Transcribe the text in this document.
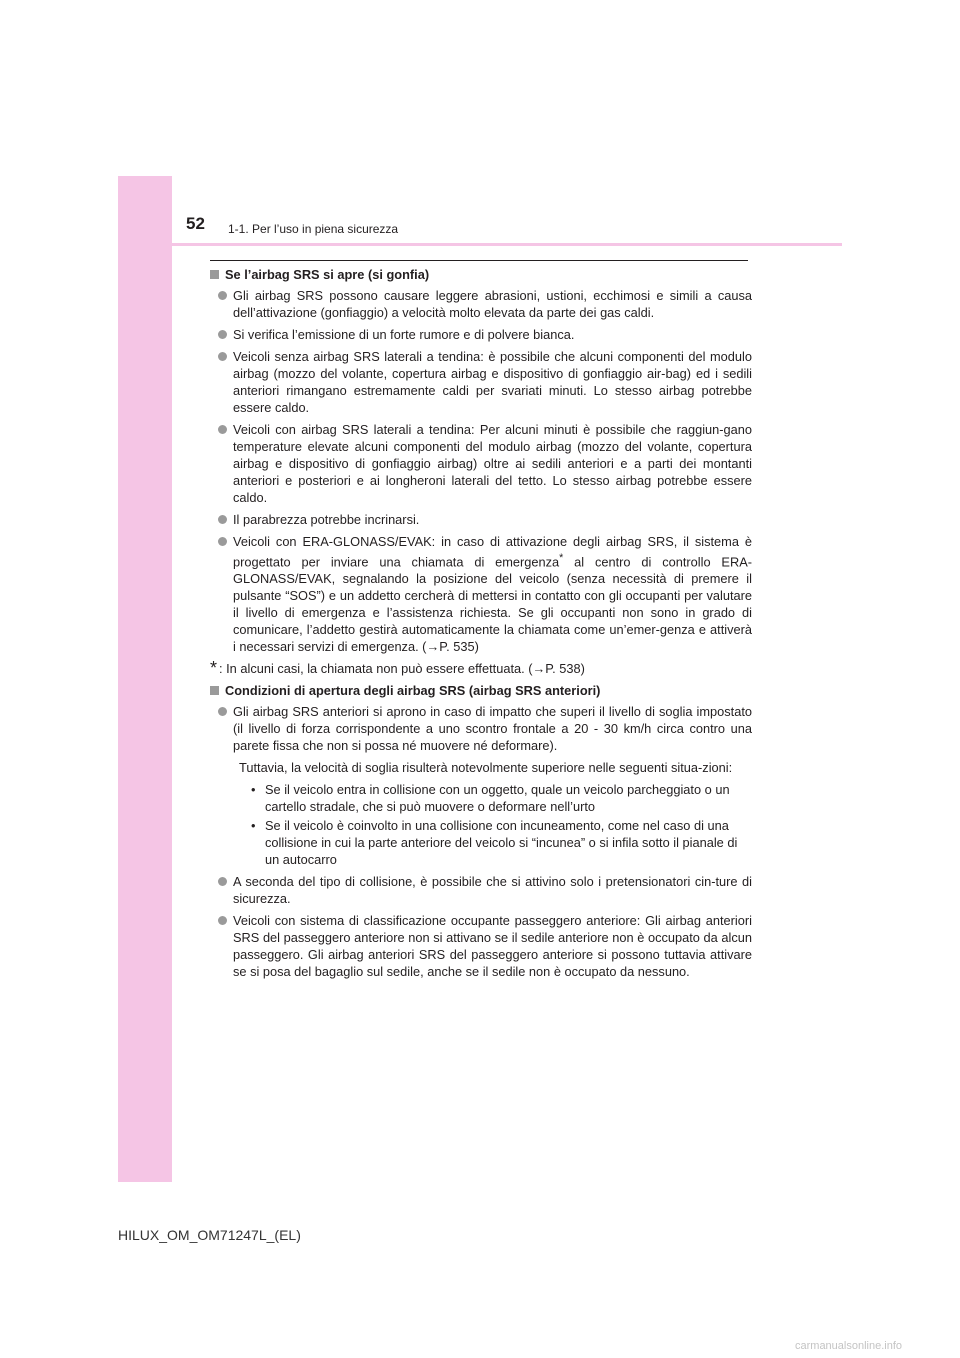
52 1-1. Per l’uso in piena sicurezza
Se l’airbag SRS si apre (si gonfia)
Gli airbag SRS possono causare leggere abrasioni, ustioni, ecchimosi e simili a causa dell’attivazione (gonfiaggio) a velocità molto elevata da parte dei gas caldi.
Si verifica l’emissione di un forte rumore e di polvere bianca.
Veicoli senza airbag SRS laterali a tendina: è possibile che alcuni componenti del modulo airbag (mozzo del volante, copertura airbag e dispositivo di gonfiaggio air-bag) ed i sedili anteriori rimangano estremamente caldi per svariati minuti. Lo stesso airbag potrebbe essere caldo.
Veicoli con airbag SRS laterali a tendina: Per alcuni minuti è possibile che raggiun-gano temperature elevate alcuni componenti del modulo airbag (mozzo del volante, copertura airbag e dispositivo di gonfiaggio airbag) oltre ai sedili anteriori e a parti dei montanti anteriori e posteriori e ai longheroni laterali del tetto. Lo stesso airbag potrebbe essere caldo.
Il parabrezza potrebbe incrinarsi.
Veicoli con ERA-GLONASS/EVAK: in caso di attivazione degli airbag SRS, il sistema è progettato per inviare una chiamata di emergenza* al centro di controllo ERA-GLONASS/EVAK, segnalando la posizione del veicolo (senza necessità di premere il pulsante “SOS”) e un addetto cercherà di mettersi in contatto con gli occupanti per valutare il livello di emergenza e l’assistenza richiesta. Se gli occupanti non sono in grado di comunicare, l’addetto gestirà automaticamente la chiamata come un’emer-genza e attiverà i necessari servizi di emergenza. (→P. 535)
* : In alcuni casi, la chiamata non può essere effettuata. (→P. 538)
Condizioni di apertura degli airbag SRS (airbag SRS anteriori)
Gli airbag SRS anteriori si aprono in caso di impatto che superi il livello di soglia impostato (il livello di forza corrispondente a uno scontro frontale a 20 - 30 km/h circa contro una parete fissa che non si possa né muovere né deformare).
Tuttavia, la velocità di soglia risulterà notevolmente superiore nelle seguenti situa-zioni:
• Se il veicolo entra in collisione con un oggetto, quale un veicolo parcheggiato o un cartello stradale, che si può muovere o deformare nell’urto
• Se il veicolo è coinvolto in una collisione con incuneamento, come nel caso di una collisione in cui la parte anteriore del veicolo si “incunea” o si infila sotto il pianale di un autocarro
A seconda del tipo di collisione, è possibile che si attivino solo i pretensionatori cin-ture di sicurezza.
Veicoli con sistema di classificazione occupante passeggero anteriore: Gli airbag anteriori SRS del passeggero anteriore non si attivano se il sedile anteriore non è occupato da alcun passeggero. Gli airbag anteriori SRS del passeggero anteriore si possono tuttavia attivare se si posa del bagaglio sul sedile, anche se il sedile non è occupato da nessuno.
HILUX_OM_OM71247L_(EL)
carmanualsonline.info
